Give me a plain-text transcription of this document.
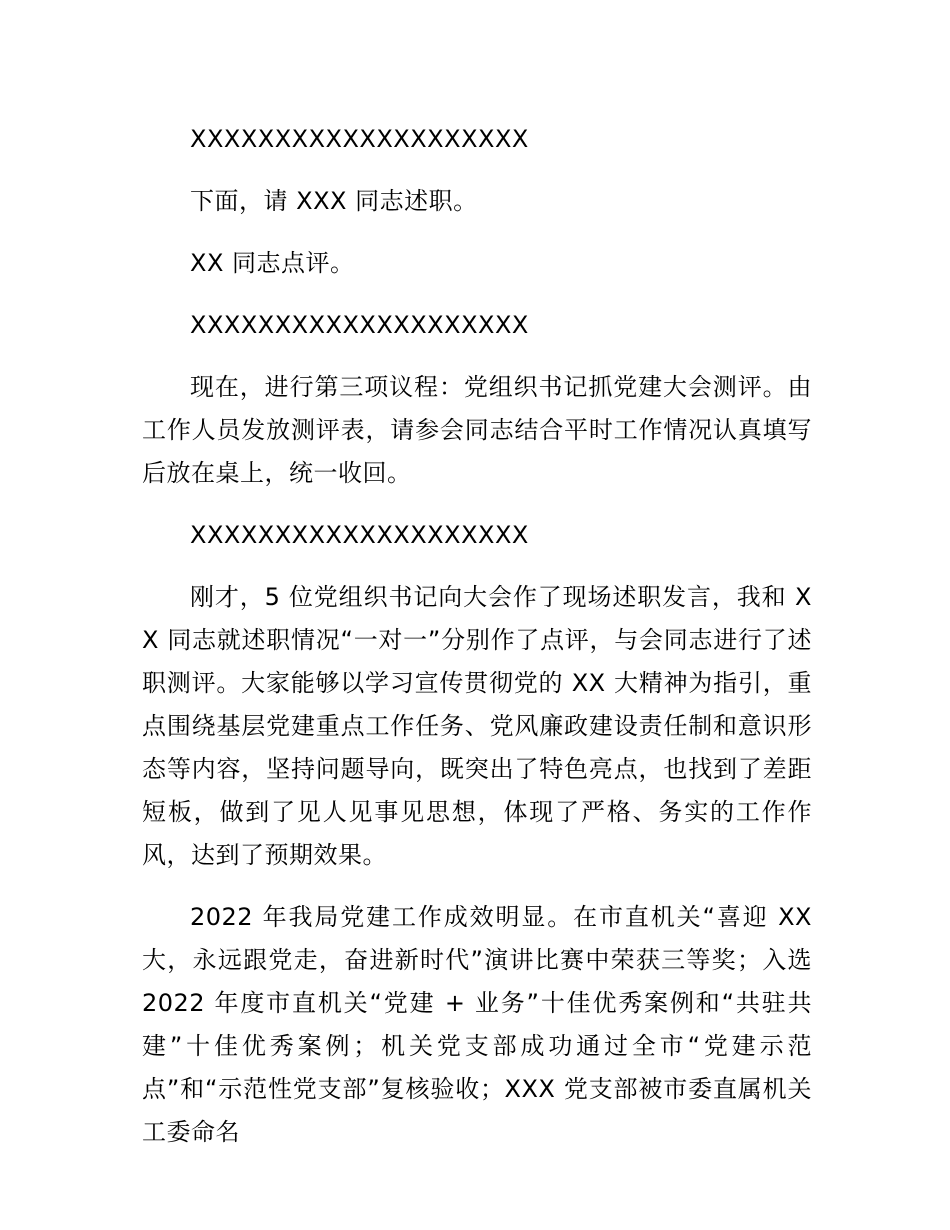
XXXXXXXXXXXXXXXXXXXX

下面，请 XXX 同志述职。

XX 同志点评。

XXXXXXXXXXXXXXXXXXXX

现在，进行第三项议程：党组织书记抓党建大会测评。由工作人员发放测评表，请参会同志结合平时工作情况认真填写后放在桌上，统一收回。

XXXXXXXXXXXXXXXXXXXX

刚才，5 位党组织书记向大会作了现场述职发言，我和 XX 同志就述职情况“一对一”分别作了点评，与会同志进行了述职测评。大家能够以学习宣传贯彻党的 XX 大精神为指引，重点围绕基层党建重点工作任务、党风廉政建设责任制和意识形态等内容，坚持问题导向，既突出了特色亮点，也找到了差距短板，做到了见人见事见思想，体现了严格、务实的工作作风，达到了预期效果。

2022 年我局党建工作成效明显。在市直机关“喜迎 XX 大，永远跟党走，奋进新时代”演讲比赛中荣获三等奖；入选 2022 年度市直机关“党建 + 业务”十佳优秀案例和“共驻共建”十佳优秀案例；机关党支部成功通过全市“党建示范点”和“示范性党支部”复核验收；XXX 党支部被市委直属机关工委命名
